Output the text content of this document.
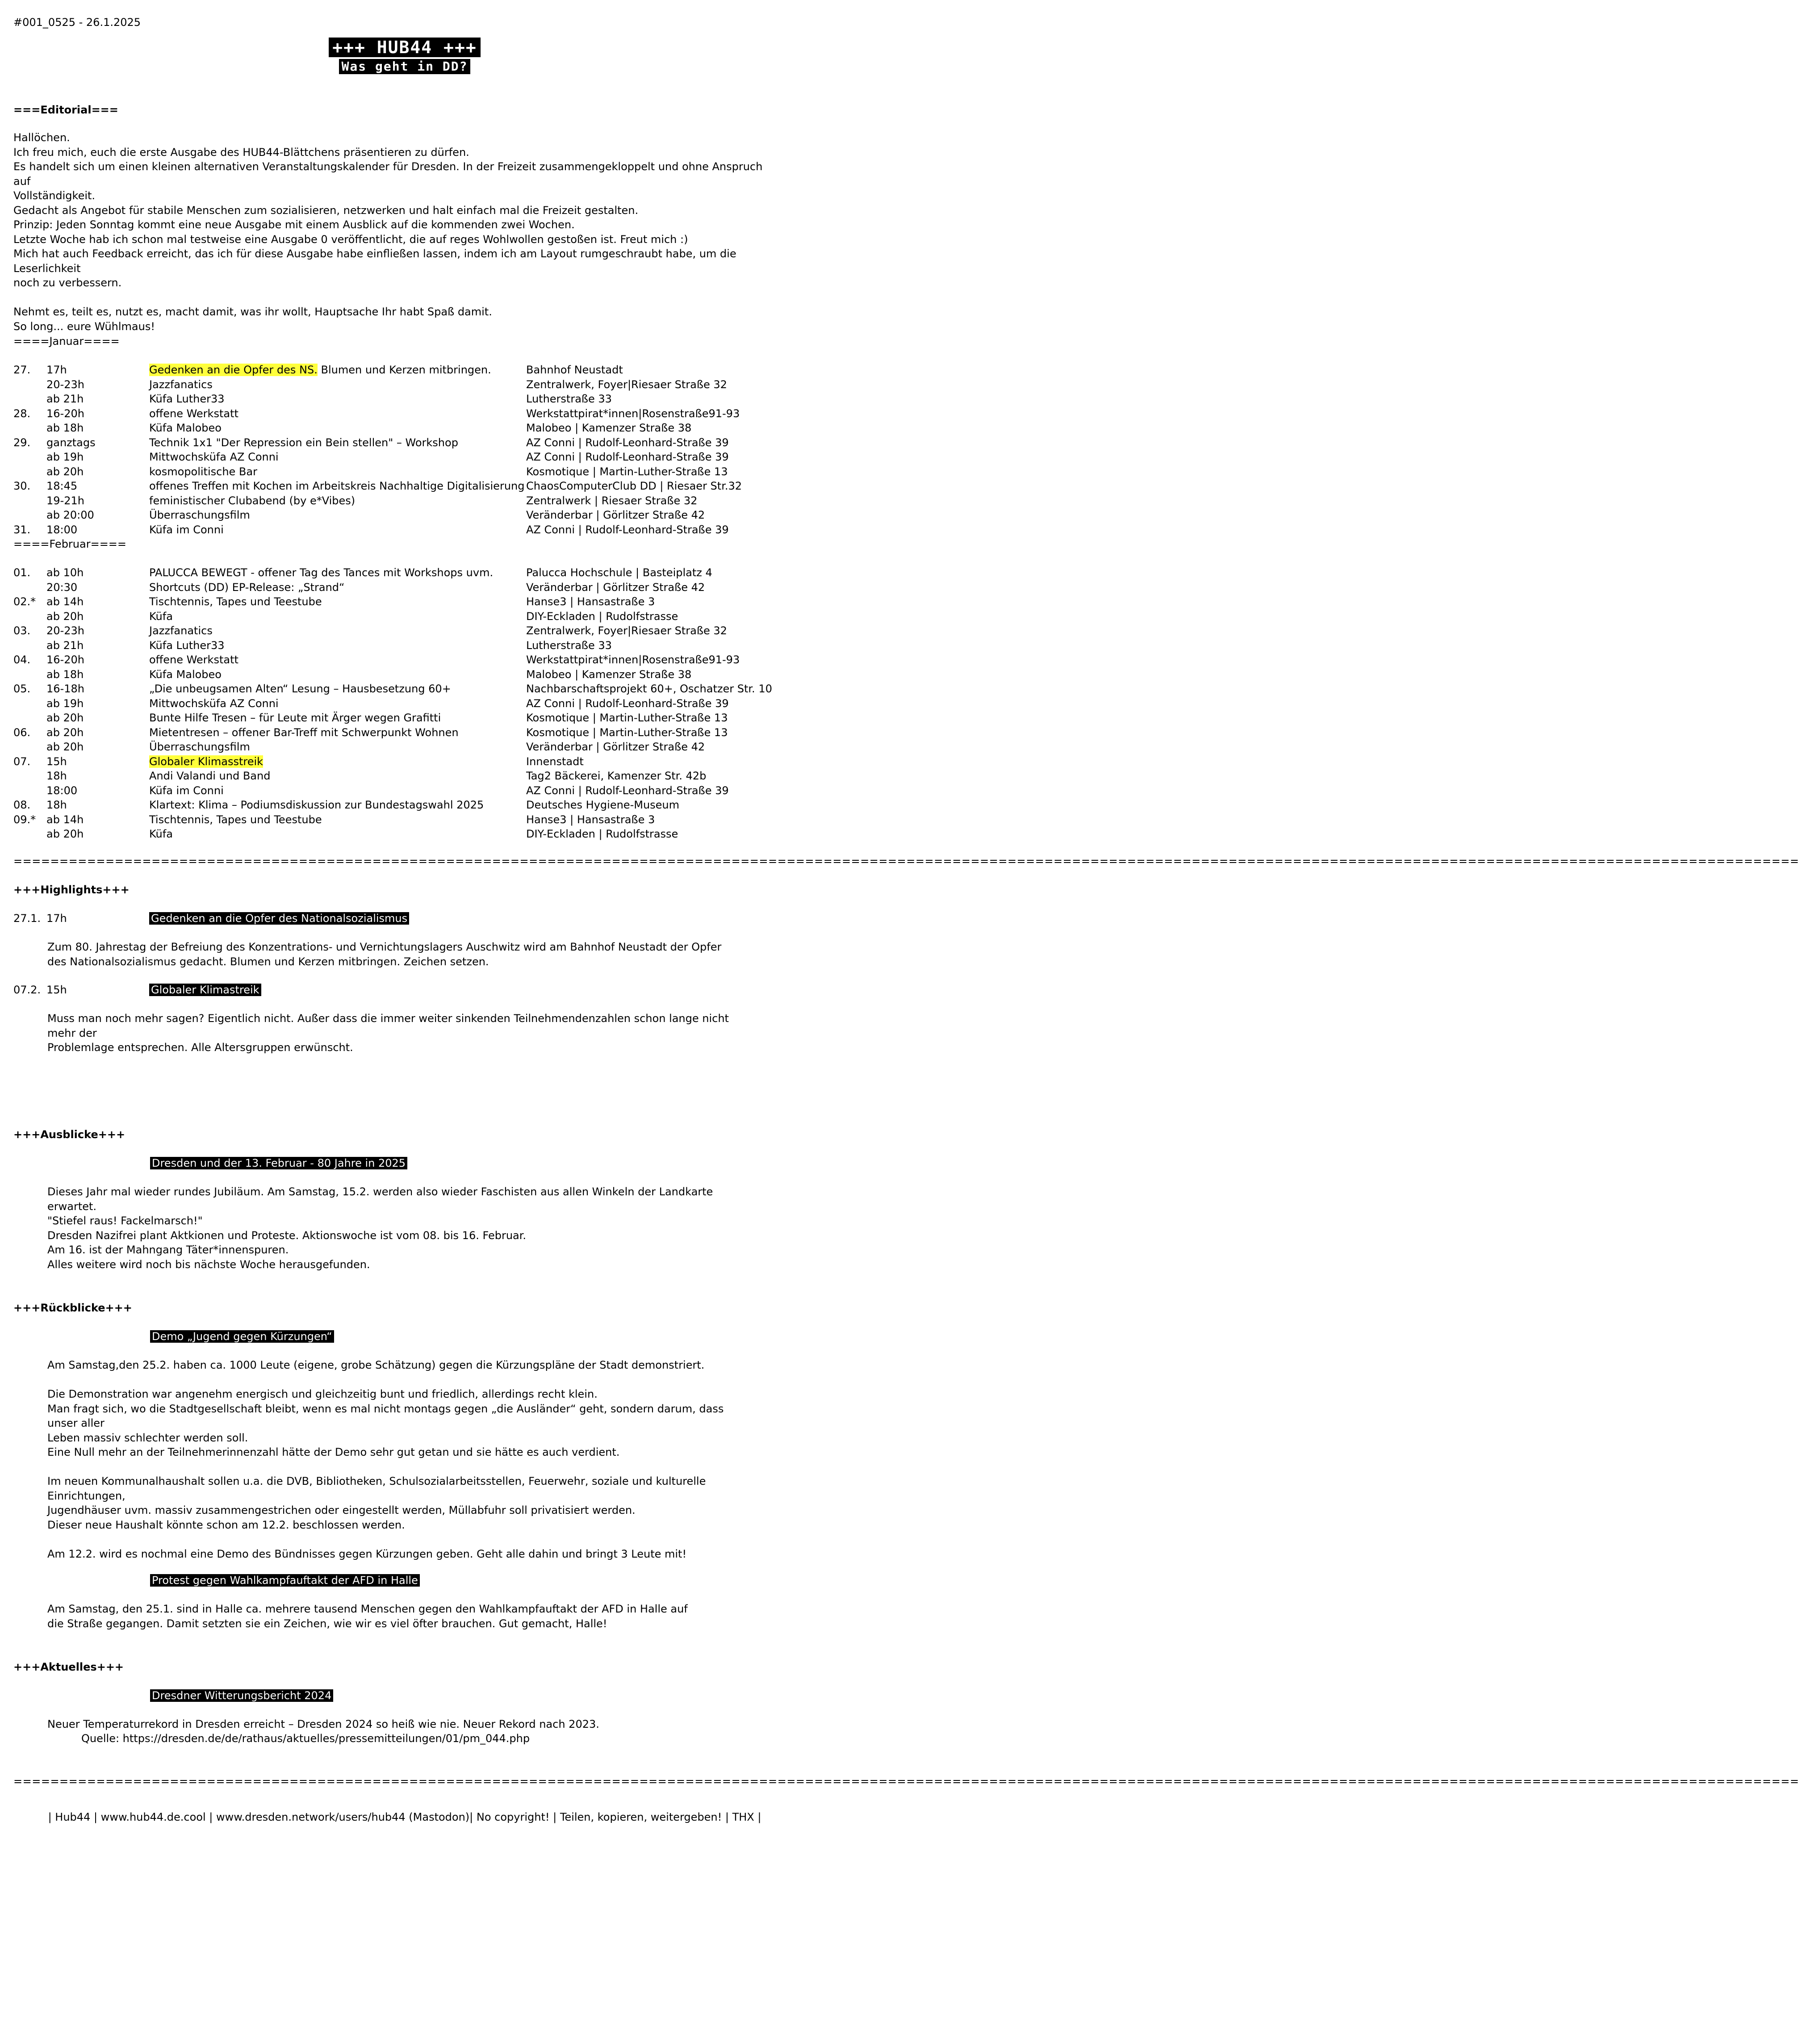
#001_0525 - 26.1.2025
+++ HUB44 +++
Was geht in DD?
===Editorial===

Hallöchen.

Ich freu mich, euch die erste Ausgabe des HUB44-Blättchens präsentieren zu dürfen.

Es handelt sich um einen kleinen alternativen Veranstaltungskalender für Dresden. In der Freizeit zusammengekloppelt und ohne Anspruch auf

Vollständigkeit.

Gedacht als Angebot für stabile Menschen zum sozialisieren, netzwerken und halt einfach mal die Freizeit gestalten.

Prinzip: Jeden Sonntag kommt eine neue Ausgabe mit einem Ausblick auf die kommenden zwei Wochen.

Letzte Woche hab ich schon mal testweise eine Ausgabe 0 veröffentlicht, die auf reges Wohlwollen gestoßen ist. Freut mich :)

Mich hat auch Feedback erreicht, das ich für diese Ausgabe habe einfließen lassen, indem ich am Layout rumgeschraubt habe, um die Leserlichkeit

noch zu verbessern.

Nehmt es, teilt es, nutzt es, macht damit, was ihr wollt, Hauptsache Ihr habt Spaß damit.

So long... eure Wühlmaus!

====Januar====
27.	17h	Gedenken an die Opfer des NS. Blumen und Kerzen mitbringen.	Bahnhof Neustadt
	20-23h	Jazzfanatics	Zentralwerk, Foyer|Riesaer Straße 32
	ab 21h	Küfa Luther33	Lutherstraße 33
28.	16-20h	offene Werkstatt	Werkstattpirat*innen|Rosenstraße91-93
	ab 18h	Küfa Malobeo	Malobeo | Kamenzer Straße 38
29.	ganztags	Technik 1x1 "Der Repression ein Bein stellen" – Workshop	AZ Conni | Rudolf-Leonhard-Straße 39
	ab 19h	Mittwochsküfa AZ Conni	AZ Conni | Rudolf-Leonhard-Straße 39
	ab 20h	kosmopolitische Bar	Kosmotique | Martin-Luther-Straße 13
30.	18:45	offenes Treffen mit Kochen im Arbeitskreis Nachhaltige Digitalisierung	ChaosComputerClub DD | Riesaer Str.32
	19-21h	feministischer Clubabend (by e*Vibes)	Zentralwerk | Riesaer Straße 32
	ab 20:00	Überraschungsfilm	Veränderbar | Görlitzer Straße 42
31.	18:00	Küfa im Conni	AZ Conni | Rudolf-Leonhard-Straße 39
====Februar====
01.	ab 10h	PALUCCA BEWEGT - offener Tag des Tances mit Workshops uvm.	Palucca Hochschule | Basteiplatz 4
	20:30	Shortcuts (DD) EP-Release: „Strand“	Veränderbar | Görlitzer Straße 42
02.*	ab 14h	Tischtennis, Tapes und Teestube	Hanse3 | Hansastraße 3
	ab 20h	Küfa	DIY-Eckladen | Rudolfstrasse
03.	20-23h	Jazzfanatics	Zentralwerk, Foyer|Riesaer Straße 32
	ab 21h	Küfa Luther33	Lutherstraße 33
04.	16-20h	offene Werkstatt	Werkstattpirat*innen|Rosenstraße91-93
	ab 18h	Küfa Malobeo	Malobeo | Kamenzer Straße 38
05.	16-18h	„Die unbeugsamen Alten“ Lesung – Hausbesetzung 60+	Nachbarschaftsprojekt 60+, Oschatzer Str. 10
	ab 19h	Mittwochsküfa AZ Conni	AZ Conni | Rudolf-Leonhard-Straße 39
	ab 20h	Bunte Hilfe Tresen – für Leute mit Ärger wegen Grafitti	Kosmotique | Martin-Luther-Straße 13
06.	ab 20h	Mietentresen – offener Bar-Treff mit Schwerpunkt Wohnen	Kosmotique | Martin-Luther-Straße 13
	ab 20h	Überraschungsfilm	Veränderbar | Görlitzer Straße 42
07.	15h	Globaler Klimasstreik	Innenstadt
	18h	Andi Valandi und Band	Tag2 Bäckerei, Kamenzer Str. 42b
	18:00	Küfa im Conni	AZ Conni | Rudolf-Leonhard-Straße 39
08.	18h	Klartext: Klima – Podiumsdiskussion zur Bundestagswahl 2025	Deutsches Hygiene-Museum
09.*	ab 14h	Tischtennis, Tapes und Teestube	Hanse3 | Hansastraße 3
	ab 20h	Küfa	DIY-Eckladen | Rudolfstrasse
==================================================================================================================================================================================================
+++Highlights+++
27.1. 17h	Gedenken an die Opfer des Nationalsozialismus

Zum 80. Jahrestag der Befreiung des Konzentrations- und Vernichtungslagers Auschwitz wird am Bahnhof Neustadt der Opfer

des Nationalsozialismus gedacht. Blumen und Kerzen mitbringen. Zeichen setzen.

07.2. 15h	Globaler Klimastreik

Muss man noch mehr sagen? Eigentlich nicht. Außer dass die immer weiter sinkenden Teilnehmendenzahlen schon lange nicht mehr der

Problemlage entsprechen. Alle Altersgruppen erwünscht.

+++Ausblicke+++
Dresden und der 13. Februar - 80 Jahre in 2025

Dieses Jahr mal wieder rundes Jubiläum. Am Samstag, 15.2. werden also wieder Faschisten aus allen Winkeln der Landkarte

erwartet.

"Stiefel raus! Fackelmarsch!"

Dresden Nazifrei plant Aktkionen und Proteste. Aktionswoche ist vom 08. bis 16. Februar.

Am 16. ist der Mahngang Täter*innenspuren.

Alles weitere wird noch bis nächste Woche herausgefunden.

+++Rückblicke+++
Demo „Jugend gegen Kürzungen“

Am Samstag,den 25.2. haben ca. 1000 Leute (eigene, grobe Schätzung) gegen die Kürzungspläne der Stadt demonstriert.

Die Demonstration war angenehm energisch und gleichzeitig bunt und friedlich, allerdings recht klein.

Man fragt sich, wo die Stadtgesellschaft bleibt, wenn es mal nicht montags gegen „die Ausländer“ geht, sondern darum, dass unser aller

Leben massiv schlechter werden soll.

Eine Null mehr an der Teilnehmerinnenzahl hätte der Demo sehr gut getan und sie hätte es auch verdient.

Im neuen Kommunalhaushalt sollen u.a. die DVB, Bibliotheken, Schulsozialarbeitsstellen, Feuerwehr, soziale und kulturelle Einrichtungen,

Jugendhäuser uvm. massiv zusammengestrichen oder eingestellt werden, Müllabfuhr soll privatisiert werden.

Dieser neue Haushalt könnte schon am 12.2. beschlossen werden.

Am 12.2. wird es nochmal eine Demo des Bündnisses gegen Kürzungen geben. Geht alle dahin und bringt 3 Leute mit!

Protest gegen Wahlkampfauftakt der AFD in Halle

Am Samstag, den 25.1. sind in Halle ca. mehrere tausend Menschen gegen den Wahlkampfauftakt der AFD in Halle auf

die Straße gegangen. Damit setzten sie ein Zeichen, wie wir es viel öfter brauchen. Gut gemacht, Halle!

+++Aktuelles+++
Dresdner Witterungsbericht 2024
Neuer Temperaturrekord in Dresden erreicht – Dresden 2024 so heiß wie nie. Neuer Rekord nach 2023.
Quelle: https://dresden.de/de/rathaus/aktuelles/pressemitteilungen/01/pm_044.php
==================================================================================================================================================================================================
| Hub44 | www.hub44.de.cool | www.dresden.network/users/hub44 (Mastodon)| No copyright! | Teilen, kopieren, weitergeben! | THX |
